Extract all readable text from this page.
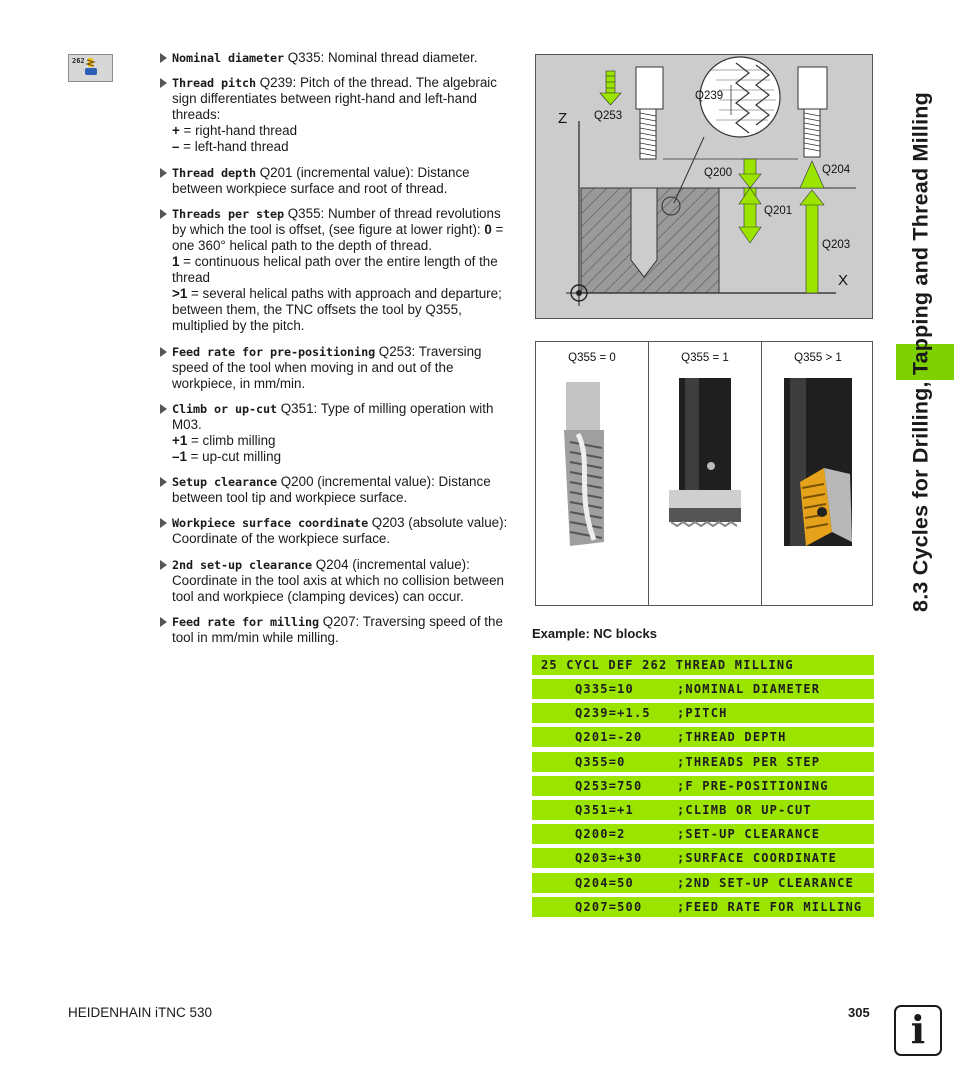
262	Nominal diameter Q335: Nominal thread diameter.
Thread pitch Q239: Pitch of the thread. The algebraic sign differentiates between right-hand and left-hand threads:
+ = right-hand thread
– = left-hand thread
Thread depth Q201 (incremental value): Distance between workpiece surface and root of thread.
Threads per step Q355: Number of thread revolutions by which the tool is offset, (see figure at lower right): 0 = one 360° helical path to the depth of thread.
1 = continuous helical path over the entire length of the thread
>1 = several helical paths with approach and departure; between them, the TNC offsets the tool by Q355, multiplied by the pitch.
Feed rate for pre-positioning Q253: Traversing speed of the tool when moving in and out of the workpiece, in mm/min.
Climb or up-cut Q351: Type of milling operation with M03.
+1 = climb milling
–1 = up-cut milling
Setup clearance Q200 (incremental value): Distance between tool tip and workpiece surface.
Workpiece surface coordinate Q203 (absolute value): Coordinate of the workpiece surface.
2nd set-up clearance Q204 (incremental value): Coordinate in the tool axis at which no collision between tool and workpiece (clamping devices) can occur.
Feed rate for milling Q207: Traversing speed of the tool in mm/min while milling.
Z
X
Q253
Q239
Q200	Q204
Q201
Q203
Q355 = 0	Q355 = 1	Q355 > 1
Example: NC blocks

25 CYCL DEF 262 THREAD MILLING

Q335=10	;NOMINAL DIAMETER
Q239=+1.5 ;PITCH
Q201=-20	;THREAD DEPTH
Q355=0	;THREADS PER STEP
Q253=750	;F PRE-POSITIONING
Q351=+1	;CLIMB OR UP-CUT
Q200=2	;SET-UP CLEARANCE
Q203=+30	;SURFACE COORDINATE
Q204=50	;2ND SET-UP CLEARANCE
Q207=500	;FEED RATE FOR MILLING
8.3 Cycles for Drilling, Tapping and Thread Milling
HEIDENHAIN iTNC 530	305	i
